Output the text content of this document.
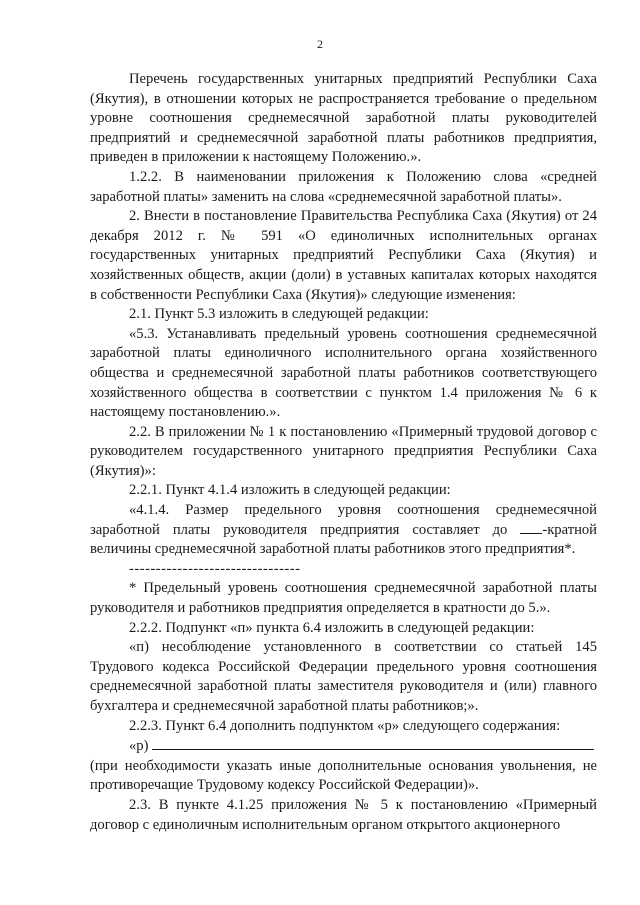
2

Перечень государственных унитарных предприятий Республики Саха (Якутия), в отношении которых не распространяется требование о предельном уровне соотношения среднемесячной заработной платы руководителей предприятий и среднемесячной заработной платы работников предприятия, приведен в приложении к настоящему Положению.».

1.2.2. В наименовании приложения к Положению слова «средней заработной платы» заменить на слова «среднемесячной заработной платы».

2. Внести в постановление Правительства Республика Саха (Якутия) от 24 декабря 2012 г. № 591 «О единоличных исполнительных органах государственных унитарных предприятий Республики Саха (Якутия) и хозяйственных обществ, акции (доли) в уставных капиталах которых находятся в собственности Республики Саха (Якутия)» следующие изменения:

2.1. Пункт 5.3 изложить в следующей редакции:

«5.3. Устанавливать предельный уровень соотношения среднемесячной заработной платы единоличного исполнительного органа хозяйственного общества и среднемесячной заработной платы работников соответствующего хозяйственного общества в соответствии с пунктом 1.4 приложения № 6 к настоящему постановлению.».

2.2. В приложении № 1 к постановлению «Примерный трудовой договор с руководителем государственного унитарного предприятия Республики Саха (Якутия)»:

2.2.1. Пункт 4.1.4 изложить в следующей редакции:

«4.1.4. Размер предельного уровня соотношения среднемесячной заработной платы руководителя предприятия составляет до -кратной величины среднемесячной заработной платы работников этого предприятия*.

--------------------------------

* Предельный уровень соотношения среднемесячной заработной платы руководителя и работников предприятия определяется в кратности до 5.».

2.2.2. Подпункт «п» пункта 6.4 изложить в следующей редакции:

«п) несоблюдение установленного в соответствии со статьей 145 Трудового кодекса Российской Федерации предельного уровня соотношения среднемесячной заработной платы заместителя руководителя и (или) главного бухгалтера и среднемесячной заработной платы работников;».

2.2.3. Пункт 6.4 дополнить подпунктом «р» следующего содержания:

«р)

(при необходимости указать иные дополнительные основания увольнения, не противоречащие Трудовому кодексу Российской Федерации)».

2.3. В пункте 4.1.25 приложения № 5 к постановлению «Примерный договор с единоличным исполнительным органом открытого акционерного
